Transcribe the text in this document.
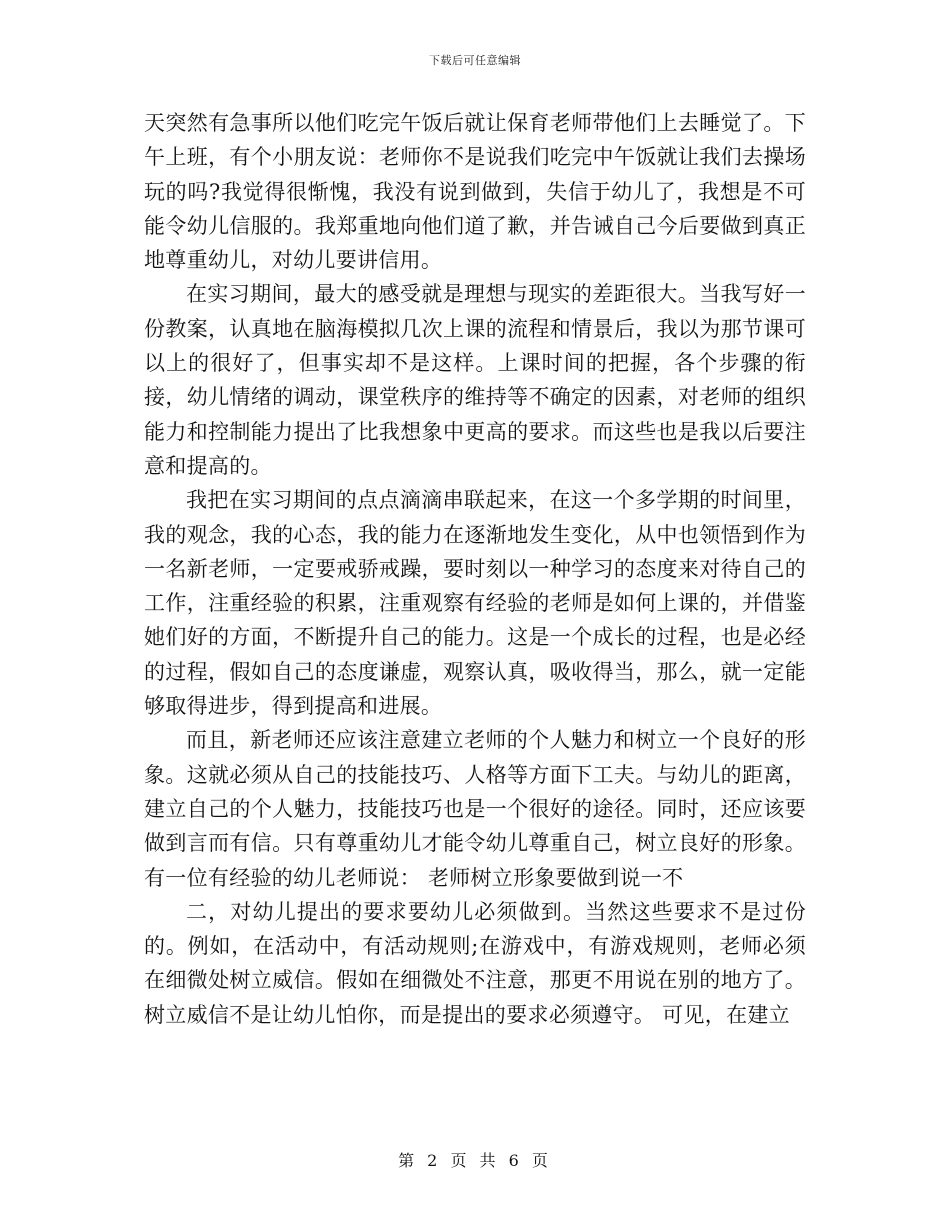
下载后可任意编辑

天突然有急事所以他们吃完午饭后就让保育老师带他们上去睡觉了。下午上班，有个小朋友说：老师你不是说我们吃完中午饭就让我们去操场玩的吗?我觉得很惭愧，我没有说到做到，失信于幼儿了，我想是不可能令幼儿信服的。我郑重地向他们道了歉，并告诫自己今后要做到真正地尊重幼儿，对幼儿要讲信用。

在实习期间，最大的感受就是理想与现实的差距很大。当我写好一份教案，认真地在脑海模拟几次上课的流程和情景后，我以为那节课可以上的很好了，但事实却不是这样。上课时间的把握，各个步骤的衔接，幼儿情绪的调动，课堂秩序的维持等不确定的因素，对老师的组织能力和控制能力提出了比我想象中更高的要求。而这些也是我以后要注意和提高的。

我把在实习期间的点点滴滴串联起来，在这一个多学期的时间里，我的观念，我的心态，我的能力在逐渐地发生变化，从中也领悟到作为一名新老师，一定要戒骄戒躁，要时刻以一种学习的态度来对待自己的工作，注重经验的积累，注重观察有经验的老师是如何上课的，并借鉴她们好的方面，不断提升自己的能力。这是一个成长的过程，也是必经的过程，假如自己的态度谦虚，观察认真，吸收得当，那么，就一定能够取得进步，得到提高和进展。

而且，新老师还应该注意建立老师的个人魅力和树立一个良好的形象。这就必须从自己的技能技巧、人格等方面下工夫。与幼儿的距离，建立自己的个人魅力，技能技巧也是一个很好的途径。同时，还应该要做到言而有信。只有尊重幼儿才能令幼儿尊重自己，树立良好的形象。有一位有经验的幼儿老师说： 老师树立形象要做到说一不

二，对幼儿提出的要求要幼儿必须做到。当然这些要求不是过份的。例如，在活动中，有活动规则;在游戏中，有游戏规则，老师必须在细微处树立威信。假如在细微处不注意，那更不用说在别的地方了。树立威信不是让幼儿怕你，而是提出的要求必须遵守。 可见，在建立

第 2 页 共 6 页
